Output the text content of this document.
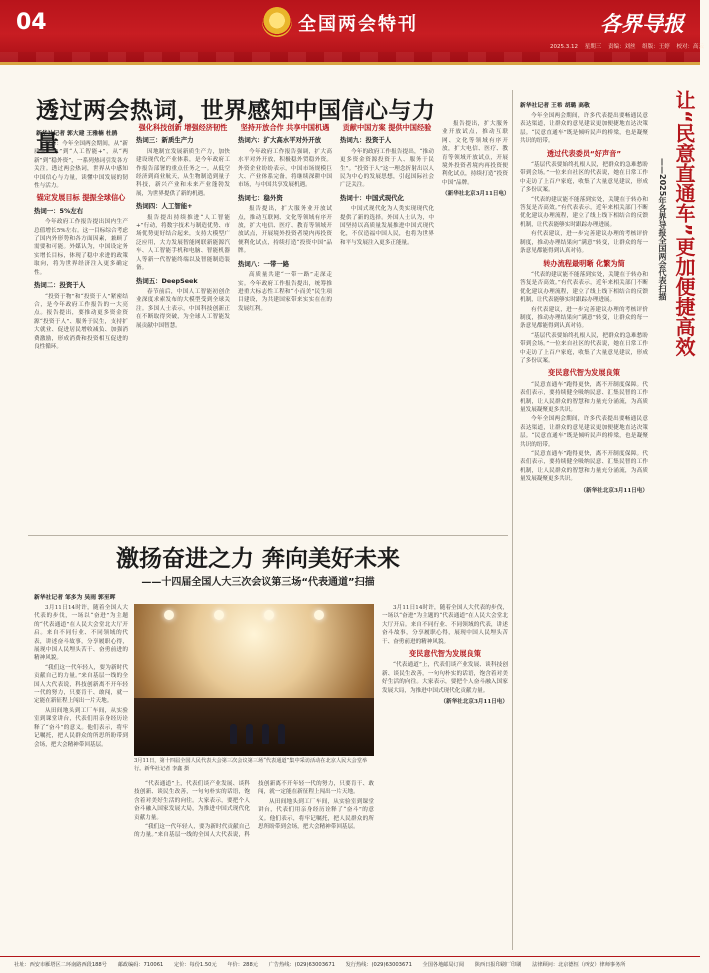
04	全国两会特刊	各界导报
2025.3.12 星期三 责编：刘丝 组版：王婷 校对：高云
透过两会热词，世界感知中国信心与力量
新华社记者 郭大建 王雅楠 杜鹃

提示：今年全国两会期间，从“新质生产力”到“人工智能+”，从“两新”到“稳外资”，一系列热词引发各方关注。透过两会热词，世界从中感知中国信心与力量，读懂中国发展的韧性与活力。

锚定发展目标 提振全球信心
热词一：5%左右

今年政府工作报告提出国内生产总值增长5%左右。这一目标综合考虑了国内外形势和各方面因素，兼顾了需要和可能。外媒认为，中国设定务实增长目标，体现了稳中求进的政策取向，将为世界经济注入更多确定性。

热词二：投资于人

“投资于物”和“投资于人”紧密结合，是今年政府工作报告的一大亮点。报告提出，要推动更多资金资源“投资于人”、服务于民生，支持扩大就业、促进居民增收减负、加强消费激励，形成消费和投资相互促进的良性循环。

强化科技创新 增强经济韧性
热词三：新质生产力

因地制宜发展新质生产力，加快建设现代化产业体系，是今年政府工作报告部署的重点任务之一。从低空经济到商业航天，从生物制造到量子科技，新兴产业和未来产业蓬勃发展，为世界提供了新的机遇。

热词四：人工智能+

报告提出持续推进“人工智能+”行动，将数字技术与制造优势、市场优势更好结合起来，支持大模型广泛应用，大力发展智能网联新能源汽车、人工智能手机和电脑、智能机器人等新一代智能终端以及智能制造装备。

热词五：DeepSeek

春节前后，中国人工智能初创企业深度求索发布的大模型受到全球关注。多国人士表示，中国科技创新正在不断取得突破，为全球人工智能发展贡献中国智慧。

坚持开放合作 共享中国机遇
热词六：扩大高水平对外开放

今年政府工作报告强调，扩大高水平对外开放，积极稳外贸稳外资。外资企业纷纷表示，中国市场规模巨大、产业体系完备，将继续深耕中国市场，与中国共享发展机遇。

热词七：稳外资

报告提出，扩大服务业开放试点，推动互联网、文化等领域有序开放，扩大电信、医疗、教育等领域开放试点，开展境外投资者境内再投资便利化试点，持续打造“投资中国”品牌。

热词八：一带一路

高质量共建“一带一路”走深走实。今年政府工作报告提出，统筹推进重大标志性工程和“小而美”民生项目建设，为共建国家带来实实在在的发展红利。

贡献中国方案 提供中国经验
热词九：投资于人

今年的政府工作报告提出，“推动更多资金资源投资于人、服务于民生”。“投资于人”这一理念折射出以人民为中心的发展思想，引起国际社会广泛关注。

热词十：中国式现代化

中国式现代化为人类实现现代化提供了新的选择。外国人士认为，中国坚持以高质量发展推进中国式现代化，不仅造福中国人民，也将为世界和平与发展注入更多正能量。

报告提出，扩大服务业开放试点，推动互联网、文化等领域有序开放，扩大电信、医疗、教育等领域开放试点，开展境外投资者境内再投资便利化试点，持续打造“投资中国”品牌。

（新华社北京3月11日电）

激扬奋进之力 奔向美好未来
——十四届全国人大三次会议第三场“代表通道”扫描
新华社记者 邹多为 吴雨 郭至晖

3月11日14时许，随着全国人大代表的步伐，一场以“奋进”为主题的“代表通道”在人民大会堂北大厅开启。来自不同行业、不同领域的代表，讲述奋斗故事，分享履职心得，展现中国人民埋头苦干、奋勇前进的精神风貌。

“我们这一代年轻人，要为新时代贡献自己的力量。”来自基层一线的全国人大代表说，科技创新离不开年轻一代的努力，只要肯干、敢闯，就一定能在新征程上闯出一片天地。

从田间地头到工厂车间，从实验室到课堂讲台，代表们用亲身经历诠释了“奋斗”的意义。他们表示，将牢记嘱托，把人民群众的所思所盼带到会场，把大会精神带回基层。

3月11日，第十四届全国人民代表大会第三次会议第三场“代表通道”集中采访活动在北京人民大会堂举行。新华社记者 李鑫 摄

“代表通道”上，代表们谈产业发展、谈科技创新、谈民生改善，一句句朴实的话语，饱含着对美好生活的向往。大家表示，要把个人奋斗融入国家发展大局，为推进中国式现代化贡献力量。

“我们这一代年轻人，要为新时代贡献自己的力量。”来自基层一线的全国人大代表说，科技创新离不开年轻一代的努力，只要肯干、敢闯，就一定能在新征程上闯出一片天地。

从田间地头到工厂车间，从实验室到课堂讲台，代表们用亲身经历诠释了“奋斗”的意义。他们表示，将牢记嘱托，把人民群众的所思所盼带到会场，把大会精神带回基层。

3月11日14时许，随着全国人大代表的步伐，一场以“奋进”为主题的“代表通道”在人民大会堂北大厅开启。来自不同行业、不同领域的代表，讲述奋斗故事，分享履职心得，展现中国人民埋头苦干、奋勇前进的精神风貌。

变民意代智为发展良策

“代表通道”上，代表们谈产业发展、谈科技创新、谈民生改善，一句句朴实的话语，饱含着对美好生活的向往。大家表示，要把个人奋斗融入国家发展大局，为推进中国式现代化贡献力量。

（新华社北京3月11日电）

让“民意直通车”更加便捷高效
——2025年各界导报全国两会代表扫描
新华社记者 王希 胡璐 高敬

今年全国两会期间，许多代表提出要畅通民意表达渠道，让群众的意见建议更加便捷地直达决策层。“民意直通车”既是倾听民声的桥梁，也是凝聚共识的纽带。

透过代表委员“好声音”

“基层代表要始终扎根人民，把群众的急难愁盼带到会场。”一位来自社区的代表说，她在日常工作中走访了上百户家庭，收集了大量意见建议，形成了多份议案。

“代表的建议能不能落到实处，关键在于转办和答复是否高效。”有代表表示，近年来相关部门不断优化建议办理流程，建立了线上线下相结合的反馈机制，让代表能够实时跟踪办理进展。

有代表建议，进一步完善建议办理的考核评价制度，推动办理结果向“满意”转变，让群众的每一条意见都能得到认真对待。

转办流程最明晰 化繁为简

“代表的建议能不能落到实处，关键在于转办和答复是否高效。”有代表表示，近年来相关部门不断优化建议办理流程，建立了线上线下相结合的反馈机制，让代表能够实时跟踪办理进展。

有代表建议，进一步完善建议办理的考核评价制度，推动办理结果向“满意”转变，让群众的每一条意见都能得到认真对待。

“基层代表要始终扎根人民，把群众的急难愁盼带到会场。”一位来自社区的代表说，她在日常工作中走访了上百户家庭，收集了大量意见建议，形成了多份议案。

变民意代智为发展良策

“民意直通车”跑得更快，离不开制度保障。代表们表示，要持续健全吸纳民意、汇集民智的工作机制，让人民群众的智慧和力量充分涌流，为高质量发展凝聚更多共识。

今年全国两会期间，许多代表提出要畅通民意表达渠道，让群众的意见建议更加便捷地直达决策层。“民意直通车”既是倾听民声的桥梁，也是凝聚共识的纽带。

“民意直通车”跑得更快，离不开制度保障。代表们表示，要持续健全吸纳民意、汇集民智的工作机制，让人民群众的智慧和力量充分涌流，为高质量发展凝聚更多共识。

（新华社北京3月11日电）

社址：西安市雁塔区二环南路西段188号 邮政编码：710061 定价：每份1.50元 年价：288元 广告热线：(029)63003671 发行热线：(029)63003671 全国各地邮局订阅 陕西日报印刷厂印刷 法律顾问：北京德恒（西安）律师事务所
